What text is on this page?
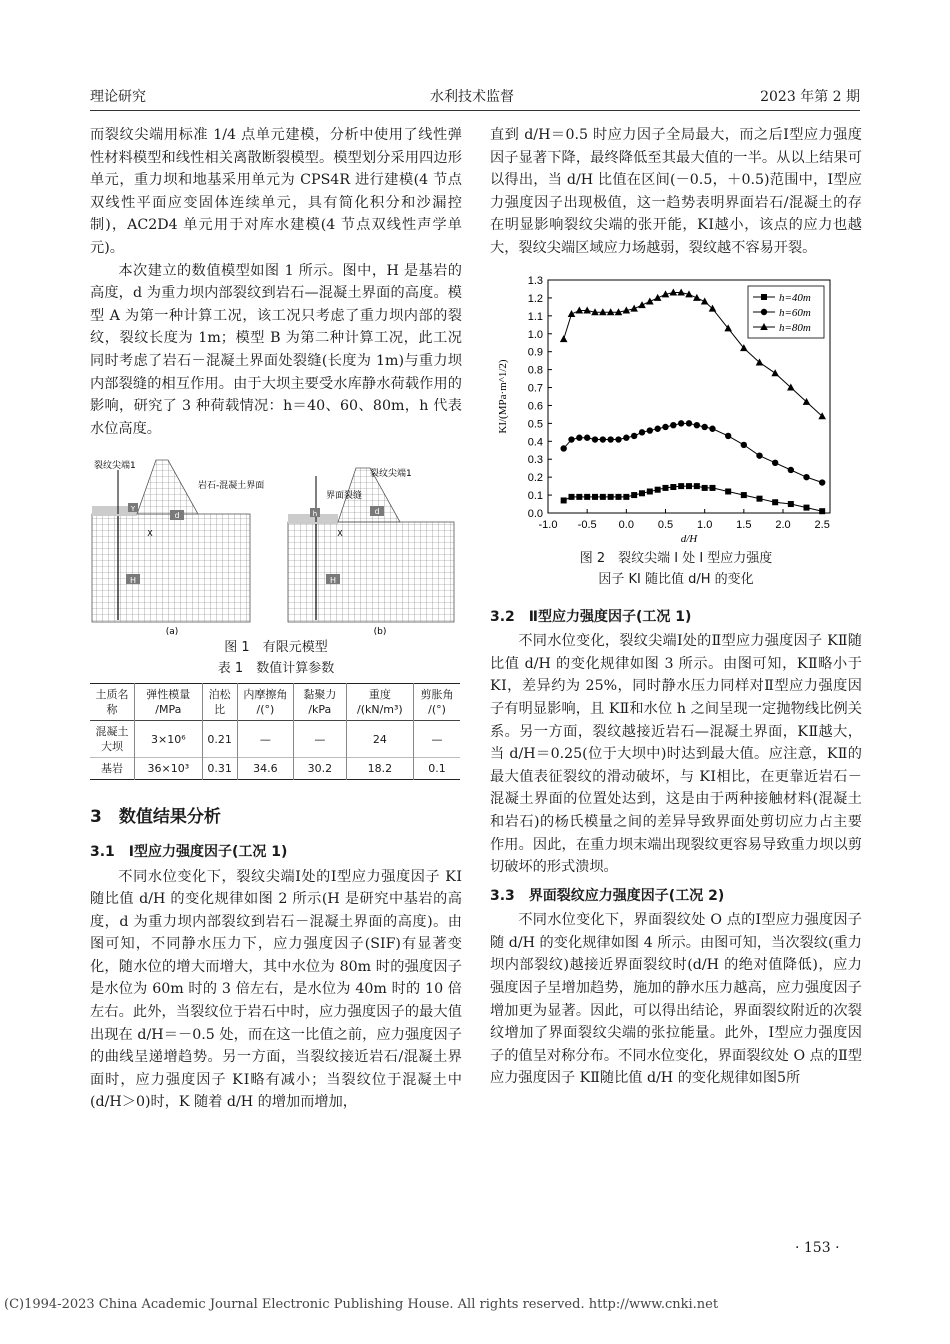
理论研究	水利技术监督	2023 年第 2 期

而裂纹尖端用标准 1/4 点单元建模，分析中使用了线性弹性材料模型和线性相关离散断裂模型。模型划分采用四边形单元，重力坝和地基采用单元为 CPS4R 进行建模(4 节点双线性平面应变固体连续单元，具有简化积分和沙漏控制)，AC2D4 单元用于对库水建模(4 节点双线性声学单元)。

本次建立的数值模型如图 1 所示。图中，H 是基岩的高度，d 为重力坝内部裂纹到岩石—混凝土界面的高度。模型 A 为第一种计算工况，该工况只考虑了重力坝内部的裂纹，裂纹长度为 1m；模型 B 为第二种计算工况，此工况同时考虑了岩石－混凝土界面处裂缝(长度为 1m)与重力坝内部裂缝的相互作用。由于大坝主要受水库静水荷载作用的影响，研究了 3 种荷载情况：h＝40、60、80m，h 代表水位高度。

H
Y
d
X
裂纹尖端1
岩石-混凝土界面
(a)
H
h	d
X
裂纹尖端1
界面裂缝
(b)
图 1　有限元模型
表 1　数值计算参数
土质名称	弹性模量 /MPa	泊松比	内摩擦角 /(°)	黏聚力 /kPa	重度 /(kN/m³)	剪胀角 /(°)
混凝土大坝	3×10⁶	0.21	—	—	24	—
基岩	36×10³	0.31	34.6	30.2	18.2	0.1

3　数值结果分析

3.1　Ⅰ型应力强度因子(工况 1)

不同水位变化下，裂纹尖端Ⅰ处的Ⅰ型应力强度因子 KⅠ随比值 d/H 的变化规律如图 2 所示(H 是研究中基岩的高度，d 为重力坝内部裂纹到岩石－混凝土界面的高度)。由图可知，不同静水压力下，应力强度因子(SIF)有显著变化，随水位的增大而增大，其中水位为 80m 时的强度因子是水位为 60m 时的 3 倍左右，是水位为 40m 时的 10 倍左右。此外，当裂纹位于岩石中时，应力强度因子的最大值出现在 d/H＝－0.5 处，而在这一比值之前，应力强度因子的曲线呈递增趋势。另一方面，当裂纹接近岩石/混凝土界面时，应力强度因子 KⅠ略有减小；当裂纹位于混凝土中(d/H＞0)时，K 随着 d/H 的增加而增加，

直到 d/H＝0.5 时应力因子全局最大，而之后Ⅰ型应力强度因子显著下降，最终降低至其最大值的一半。从以上结果可以得出，当 d/H 比值在区间(－0.5，＋0.5)范围中，Ⅰ型应力强度因子出现极值，这一趋势表明界面岩石/混凝土的存在明显影响裂纹尖端的张开能，KⅠ越小，该点的应力也越大，裂纹尖端区域应力场越弱，裂纹越不容易开裂。

0.0
0.1
0.2
0.3
0.4
0.5
0.6
0.7
0.8
0.9
1.0
1.1
1.2
1.3
-1.0 -0.5 0.0 0.5 1.0 1.5 2.0 2.5
d/H
KI/(MPa·m^1/2)
h=40m
h=60m
h=80m
图 2　裂纹尖端 Ⅰ 处 Ⅰ 型应力强度
因子 KⅠ 随比值 d/H 的变化

3.2　Ⅱ型应力强度因子(工况 1)

不同水位变化，裂纹尖端Ⅰ处的Ⅱ型应力强度因子 KⅡ随比值 d/H 的变化规律如图 3 所示。由图可知，KⅡ略小于 KⅠ，差异约为 25%，同时静水压力同样对Ⅱ型应力强度因子有明显影响，且 KⅡ和水位 h 之间呈现一定抛物线比例关系。另一方面，裂纹越接近岩石—混凝土界面，KⅡ越大，当 d/H＝0.25(位于大坝中)时达到最大值。应注意，KⅡ的最大值表征裂纹的滑动破坏，与 KⅠ相比，在更靠近岩石－混凝土界面的位置处达到，这是由于两种接触材料(混凝土和岩石)的杨氏模量之间的差异导致界面处剪切应力占主要作用。因此，在重力坝末端出现裂纹更容易导致重力坝以剪切破坏的形式溃坝。

3.3　界面裂纹应力强度因子(工况 2)

不同水位变化下，界面裂纹处 O 点的Ⅰ型应力强度因子随 d/H 的变化规律如图 4 所示。由图可知，当次裂纹(重力坝内部裂纹)越接近界面裂纹时(d/H 的绝对值降低)，应力强度因子呈增加趋势，施加的静水压力越高，应力强度因子增加更为显著。因此，可以得出结论，界面裂纹附近的次裂纹增加了界面裂纹尖端的张拉能量。此外，Ⅰ型应力强度因子的值呈对称分布。不同水位变化，界面裂纹处 O 点的Ⅱ型应力强度因子 KⅡ随比值 d/H 的变化规律如图5所

· 153 ·
(C)1994-2023 China Academic Journal Electronic Publishing House. All rights reserved. http://www.cnki.net
